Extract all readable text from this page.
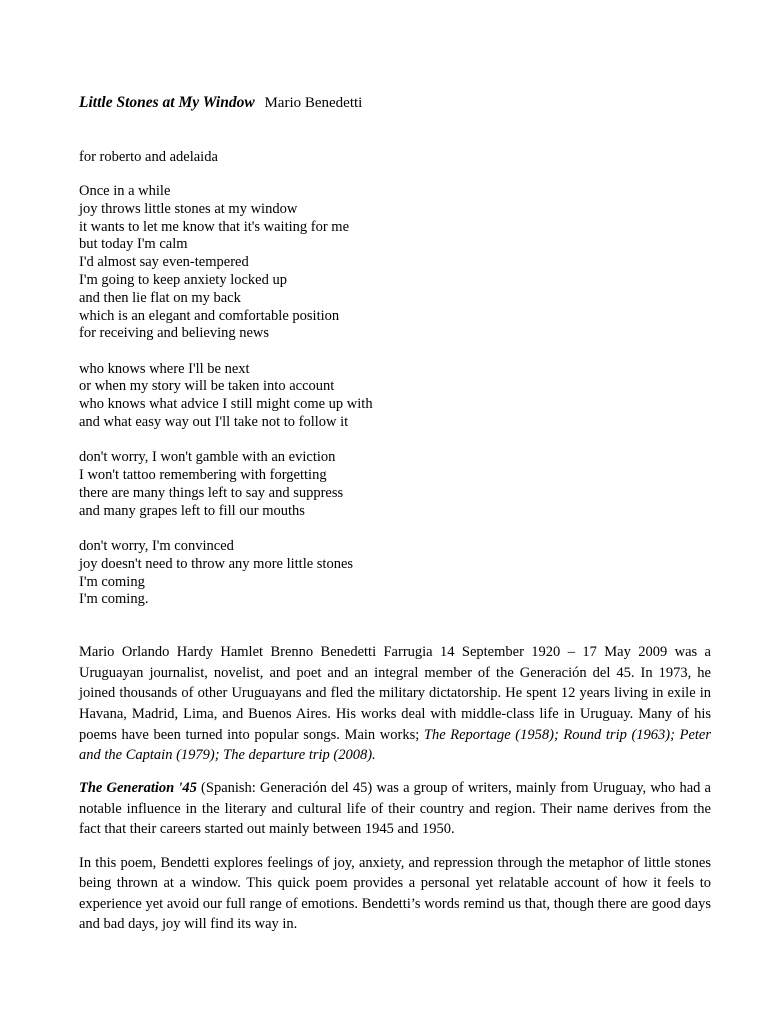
Little Stones at My Window Mario Benedetti

for roberto and adelaida
Once in a while
joy throws little stones at my window
it wants to let me know that it's waiting for me
but today I'm calm
I'd almost say even-tempered
I'm going to keep anxiety locked up
and then lie flat on my back
which is an elegant and comfortable position
for receiving and believing news
who knows where I'll be next
or when my story will be taken into account
who knows what advice I still might come up with
and what easy way out I'll take not to follow it
don't worry, I won't gamble with an eviction
I won't tattoo remembering with forgetting
there are many things left to say and suppress
and many grapes left to fill our mouths
don't worry, I'm convinced
joy doesn't need to throw any more little stones
I'm coming
I'm coming.

Mario Orlando Hardy Hamlet Brenno Benedetti Farrugia 14 September 1920 – 17 May 2009 was a Uruguayan journalist, novelist, and poet and an integral member of the Generación del 45. In 1973, he joined thousands of other Uruguayans and fled the military dictatorship. He spent 12 years living in exile in Havana, Madrid, Lima, and Buenos Aires. His works deal with middle-class life in Uruguay. Many of his poems have been turned into popular songs. Main works; The Reportage (1958); Round trip (1963); Peter and the Captain (1979); The departure trip (2008).

The Generation '45 (Spanish: Generación del 45) was a group of writers, mainly from Uruguay, who had a notable influence in the literary and cultural life of their country and region. Their name derives from the fact that their careers started out mainly between 1945 and 1950.

In this poem, Bendetti explores feelings of joy, anxiety, and repression through the metaphor of little stones being thrown at a window. This quick poem provides a personal yet relatable account of how it feels to experience yet avoid our full range of emotions. Bendetti’s words remind us that, though there are good days and bad days, joy will find its way in.
